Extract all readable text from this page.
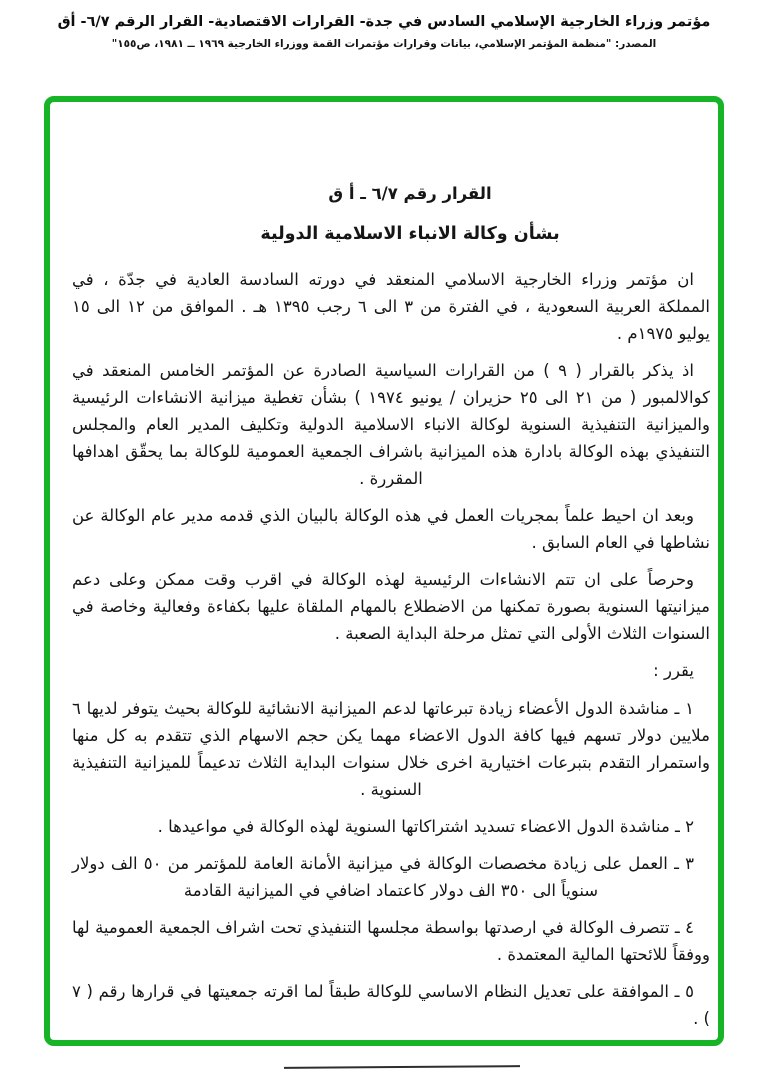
مؤتمر وزراء الخارجية الإسلامي السادس في جدة- القرارات الاقتصادية- القرار الرقم ٦/٧- أق
المصدر: "منظمة المؤتمر الإسلامي، بيانات وقرارات مؤتمرات القمة ووزراء الخارجية ١٩٦٩ ــ ١٩٨١، ص١٥٥"
القرار رقم ٦/٧ ـ أ ق
بشأن وكالة الانباء الاسلامية الدولية

ان مؤتمر وزراء الخارجية الاسلامي المنعقد في دورته السادسة العادية في جدّة ، في المملكة العربية السعودية ، في الفترة من ٣ الى ٦ رجب ١٣٩٥ هـ . الموافق من ١٢ الى ١٥ يوليو ١٩٧٥م .

اذ يذكر بالقرار ( ٩ ) من القرارات السياسية الصادرة عن المؤتمر الخامس المنعقد في كوالالمبور ( من ٢١ الى ٢٥ حزيران / يونيو ١٩٧٤ ) بشأن تغطية ميزانية الانشاءات الرئيسية والميزانية التنفيذية السنوية لوكالة الانباء الاسلامية الدولية وتكليف المدير العام والمجلس التنفيذي بهذه الوكالة بادارة هذه الميزانية باشراف الجمعية العمومية للوكالة بما يحقّق اهدافها المقررة .

وبعد ان احيط علماً بمجريات العمل في هذه الوكالة بالبيان الذي قدمه مدير عام الوكالة عن نشاطها في العام السابق .

وحرصاً على ان تتم الانشاءات الرئيسية لهذه الوكالة في اقرب وقت ممكن وعلى دعم ميزانيتها السنوية بصورة تمكنها من الاضطلاع بالمهام الملقاة عليها بكفاءة وفعالية وخاصة في السنوات الثلاث الأولى التي تمثل مرحلة البداية الصعبة .

يقرر :

١ ـ مناشدة الدول الأعضاء زيادة تبرعاتها لدعم الميزانية الانشائية للوكالة بحيث يتوفر لديها ٦ ملايين دولار تسهم فيها كافة الدول الاعضاء مهما يكن حجم الاسهام الذي تتقدم به كل منها واستمرار التقدم بتبرعات اختيارية اخرى خلال سنوات البداية الثلاث تدعيماً للميزانية التنفيذية السنوية .

٢ ـ مناشدة الدول الاعضاء تسديد اشتراكاتها السنوية لهذه الوكالة في مواعيدها .

٣ ـ العمل على زيادة مخصصات الوكالة في ميزانية الأمانة العامة للمؤتمر من ٥٠ الف دولار سنوياً الى ٣٥٠ الف دولار كاعتماد اضافي في الميزانية القادمة

٤ ـ تتصرف الوكالة في ارصدتها بواسطة مجلسها التنفيذي تحت اشراف الجمعية العمومية لها ووفقاً للائحتها المالية المعتمدة .

٥ ـ الموافقة على تعديل النظام الاساسي للوكالة طبقاً لما اقرته جمعيتها في قرارها رقم ( ٧ ) .
